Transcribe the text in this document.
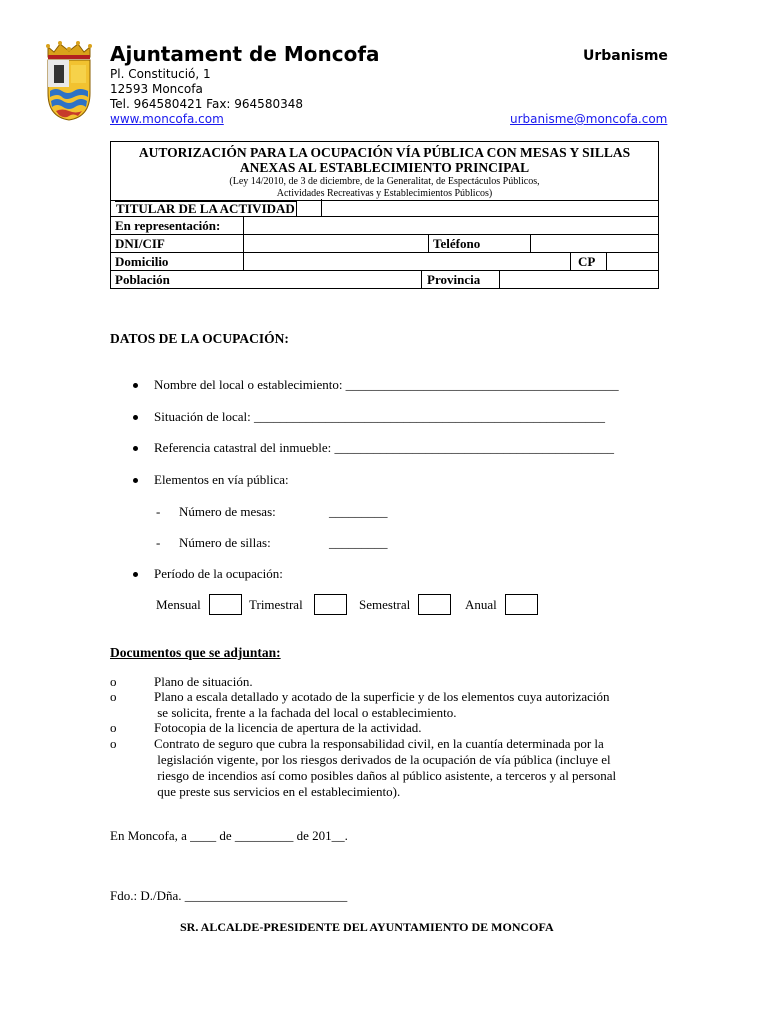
Ajuntament de Moncofa	Urbanisme
Pl. Constitució, 1
12593 Moncofa
Tel. 964580421 Fax: 964580348
www.moncofa.com	urbanisme@moncofa.com
AUTORIZACIÓN PARA LA OCUPACIÓN VÍA PÚBLICA CON MESAS Y SILLAS
ANEXAS AL ESTABLECIMIENTO PRINCIPAL
(Ley 14/2010, de 3 de diciembre, de la Generalitat, de Espectáculos Públicos,
Actividades Recreativas y Establecimientos Públicos)
TITULAR DE LA ACTIVIDAD
En representación:
DNI/CIF	Teléfono
Domicilio	CP
Población	Provincia
DATOS DE LA OCUPACIÓN:
Nombre del local o establecimiento: __________________________________________
Situación de local: ______________________________________________________
Referencia catastral del inmueble: ___________________________________________
Elementos en vía pública:
- Número de mesas:	_________
- Número de sillas:	_________
Período de la ocupación:
Mensual	Trimestral	Semestral	Anual
Documentos que se adjuntan:
o	Plano de situación.
o	Plano a escala detallado y acotado de la superficie y de los elementos cuya autorización
se solicita, frente a la fachada del local o establecimiento.
o	Fotocopia de la licencia de apertura de la actividad.
o	Contrato de seguro que cubra la responsabilidad civil, en la cuantía determinada por la
legislación vigente, por los riesgos derivados de la ocupación de vía pública (incluye el
riesgo de incendios así como posibles daños al público asistente, a terceros y al personal
que preste sus servicios en el establecimiento).
En Moncofa, a ____ de _________ de 201__.
Fdo.: D./Dña. _________________________
SR. ALCALDE-PRESIDENTE DEL AYUNTAMIENTO DE MONCOFA
